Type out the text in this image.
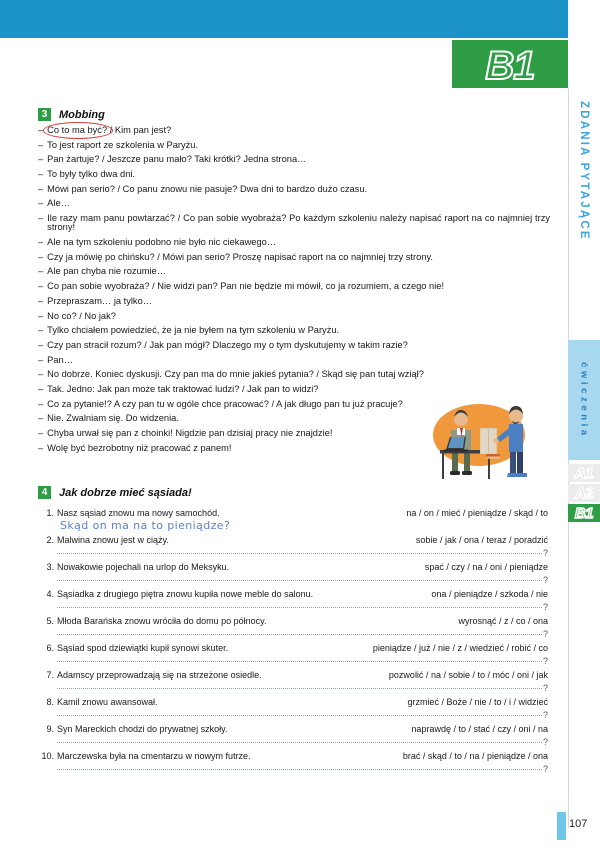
B1
ZDANIA PYTAJĄCE
ćwiczenia
A1
A2
B1
3	Mobbing
– Co to ma być? / Kim pan jest?
– To jest raport ze szkolenia w Paryżu.
– Pan żartuje? / Jeszcze panu mało? Taki krótki? Jedna strona…
– To były tylko dwa dni.
– Mówi pan serio? / Co panu znowu nie pasuje? Dwa dni to bardzo dużo czasu.
– Ale…
– Ile razy mam panu powtarzać? / Co pan sobie wyobraża? Po każdym szkoleniu należy napisać raport na co najmniej trzy strony!
– Ale na tym szkoleniu podobno nie było nic ciekawego…
– Czy ja mówię po chińsku? / Mówi pan serio? Proszę napisać raport na co najmniej trzy strony.
– Ale pan chyba nie rozumie…
– Co pan sobie wyobraża? / Nie widzi pan? Pan nie będzie mi mówił, co ja rozumiem, a czego nie!
– Przepraszam… ja tylko…
– No co? / No jak?
– Tylko chciałem powiedzieć, że ja nie byłem na tym szkoleniu w Paryżu.
– Czy pan stracił rozum? / Jak pan mógł? Dlaczego my o tym dyskutujemy w takim razie?
– Pan…
– No dobrze. Koniec dyskusji. Czy pan ma do mnie jakieś pytania? / Skąd się pan tutaj wziął?
– Tak. Jedno: Jak pan może tak traktować ludzi? / Jak pan to widzi?
– Co za pytanie!? A czy pan tu w ogóle chce pracować? / A jak długo pan tu już pracuje?
– Nie. Zwalniam się. Do widzenia.
– Chyba urwał się pan z choinki! Nigdzie pan dzisiaj pracy nie znajdzie!
– Wolę być bezrobotny niż pracować z panem!
4	Jak dobrze mieć sąsiada!
1. Nasz sąsiad znowu ma nowy samochód.	na / on / mieć / pieniądze / skąd / to
Skąd on ma na to pieniądze?
2. Malwina znowu jest w ciąży.	sobie / jak / ona / teraz / poradzić
?
3. Nowakowie pojechali na urlop do Meksyku.	spać / czy / na / oni / pieniądze
?
4. Sąsiadka z drugiego piętra znowu kupiła nowe meble do salonu.	ona / pieniądze / szkoda / nie
?
5. Młoda Barańska znowu wróciła do domu po północy.	wyrosnąć / z / co / ona
?
6. Sąsiad spod dziewiątki kupił synowi skuter.	pieniądze / już / nie / z / wiedzieć / robić / co
?
7. Adamscy przeprowadzają się na strzeżone osiedle.	pozwolić / na / sobie / to / móc / oni / jak
?
8. Kamil znowu awansował.	grzmieć / Boże / nie / to / i / widzieć
?
9. Syn Mareckich chodzi do prywatnej szkoły.	naprawdę / to / stać / czy / oni / na
?
10. Marczewska była na cmentarzu w nowym futrze.	brać / skąd / to / na / pieniądze / ona
?
107
